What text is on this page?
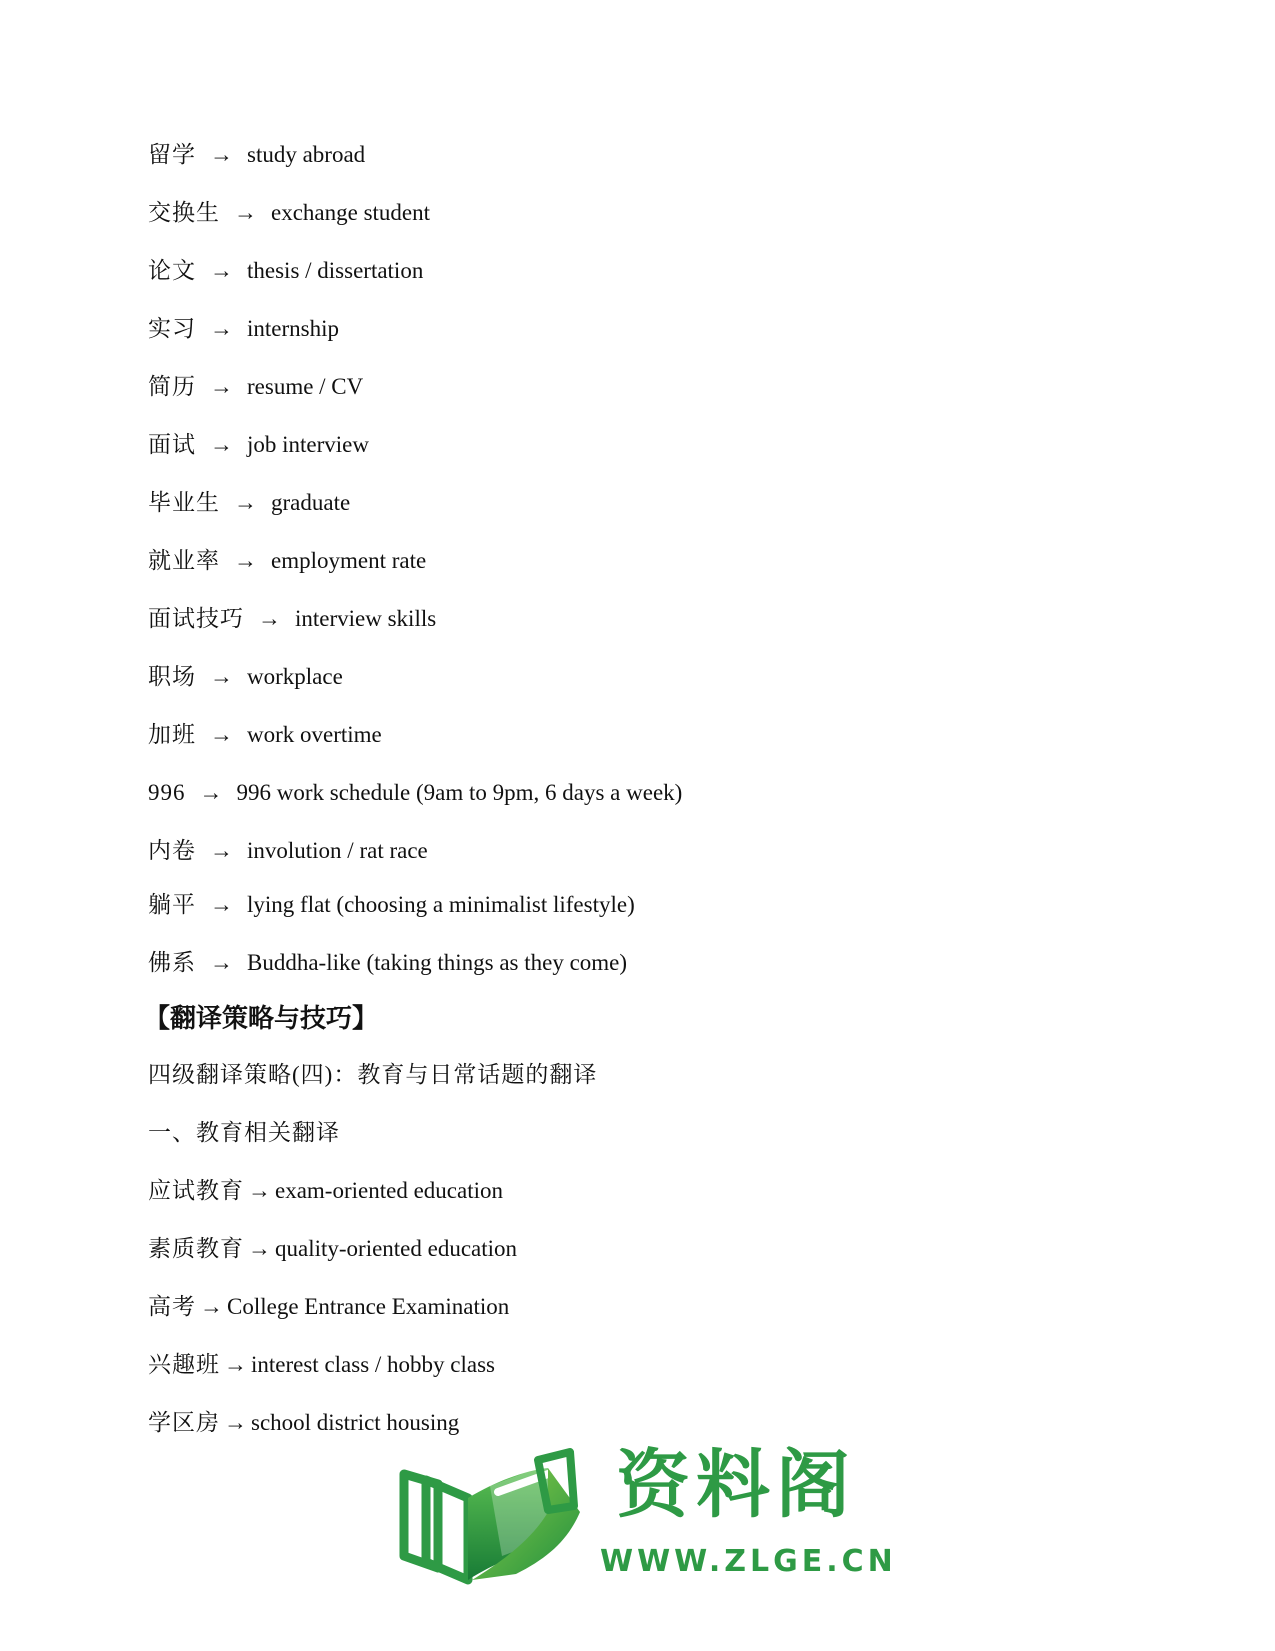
留学 → study abroad
交换生 → exchange student
论文 → thesis / dissertation
实习 → internship
简历 → resume / CV
面试 → job interview
毕业生 → graduate
就业率 → employment rate
面试技巧 → interview skills
职场 → workplace
加班 → work overtime
996 → 996 work schedule (9am to 9pm, 6 days a week)
内卷 → involution / rat race
躺平 → lying flat (choosing a minimalist lifestyle)
佛系 → Buddha-like (taking things as they come)
【翻译策略与技巧】
四级翻译策略(四)：教育与日常话题的翻译
一、教育相关翻译
应试教育 → exam-oriented education
素质教育 → quality-oriented education
高考 → College Entrance Examination
兴趣班 → interest class / hobby class
学区房 → school district housing
资料阁
WWW.ZLGE.CN
